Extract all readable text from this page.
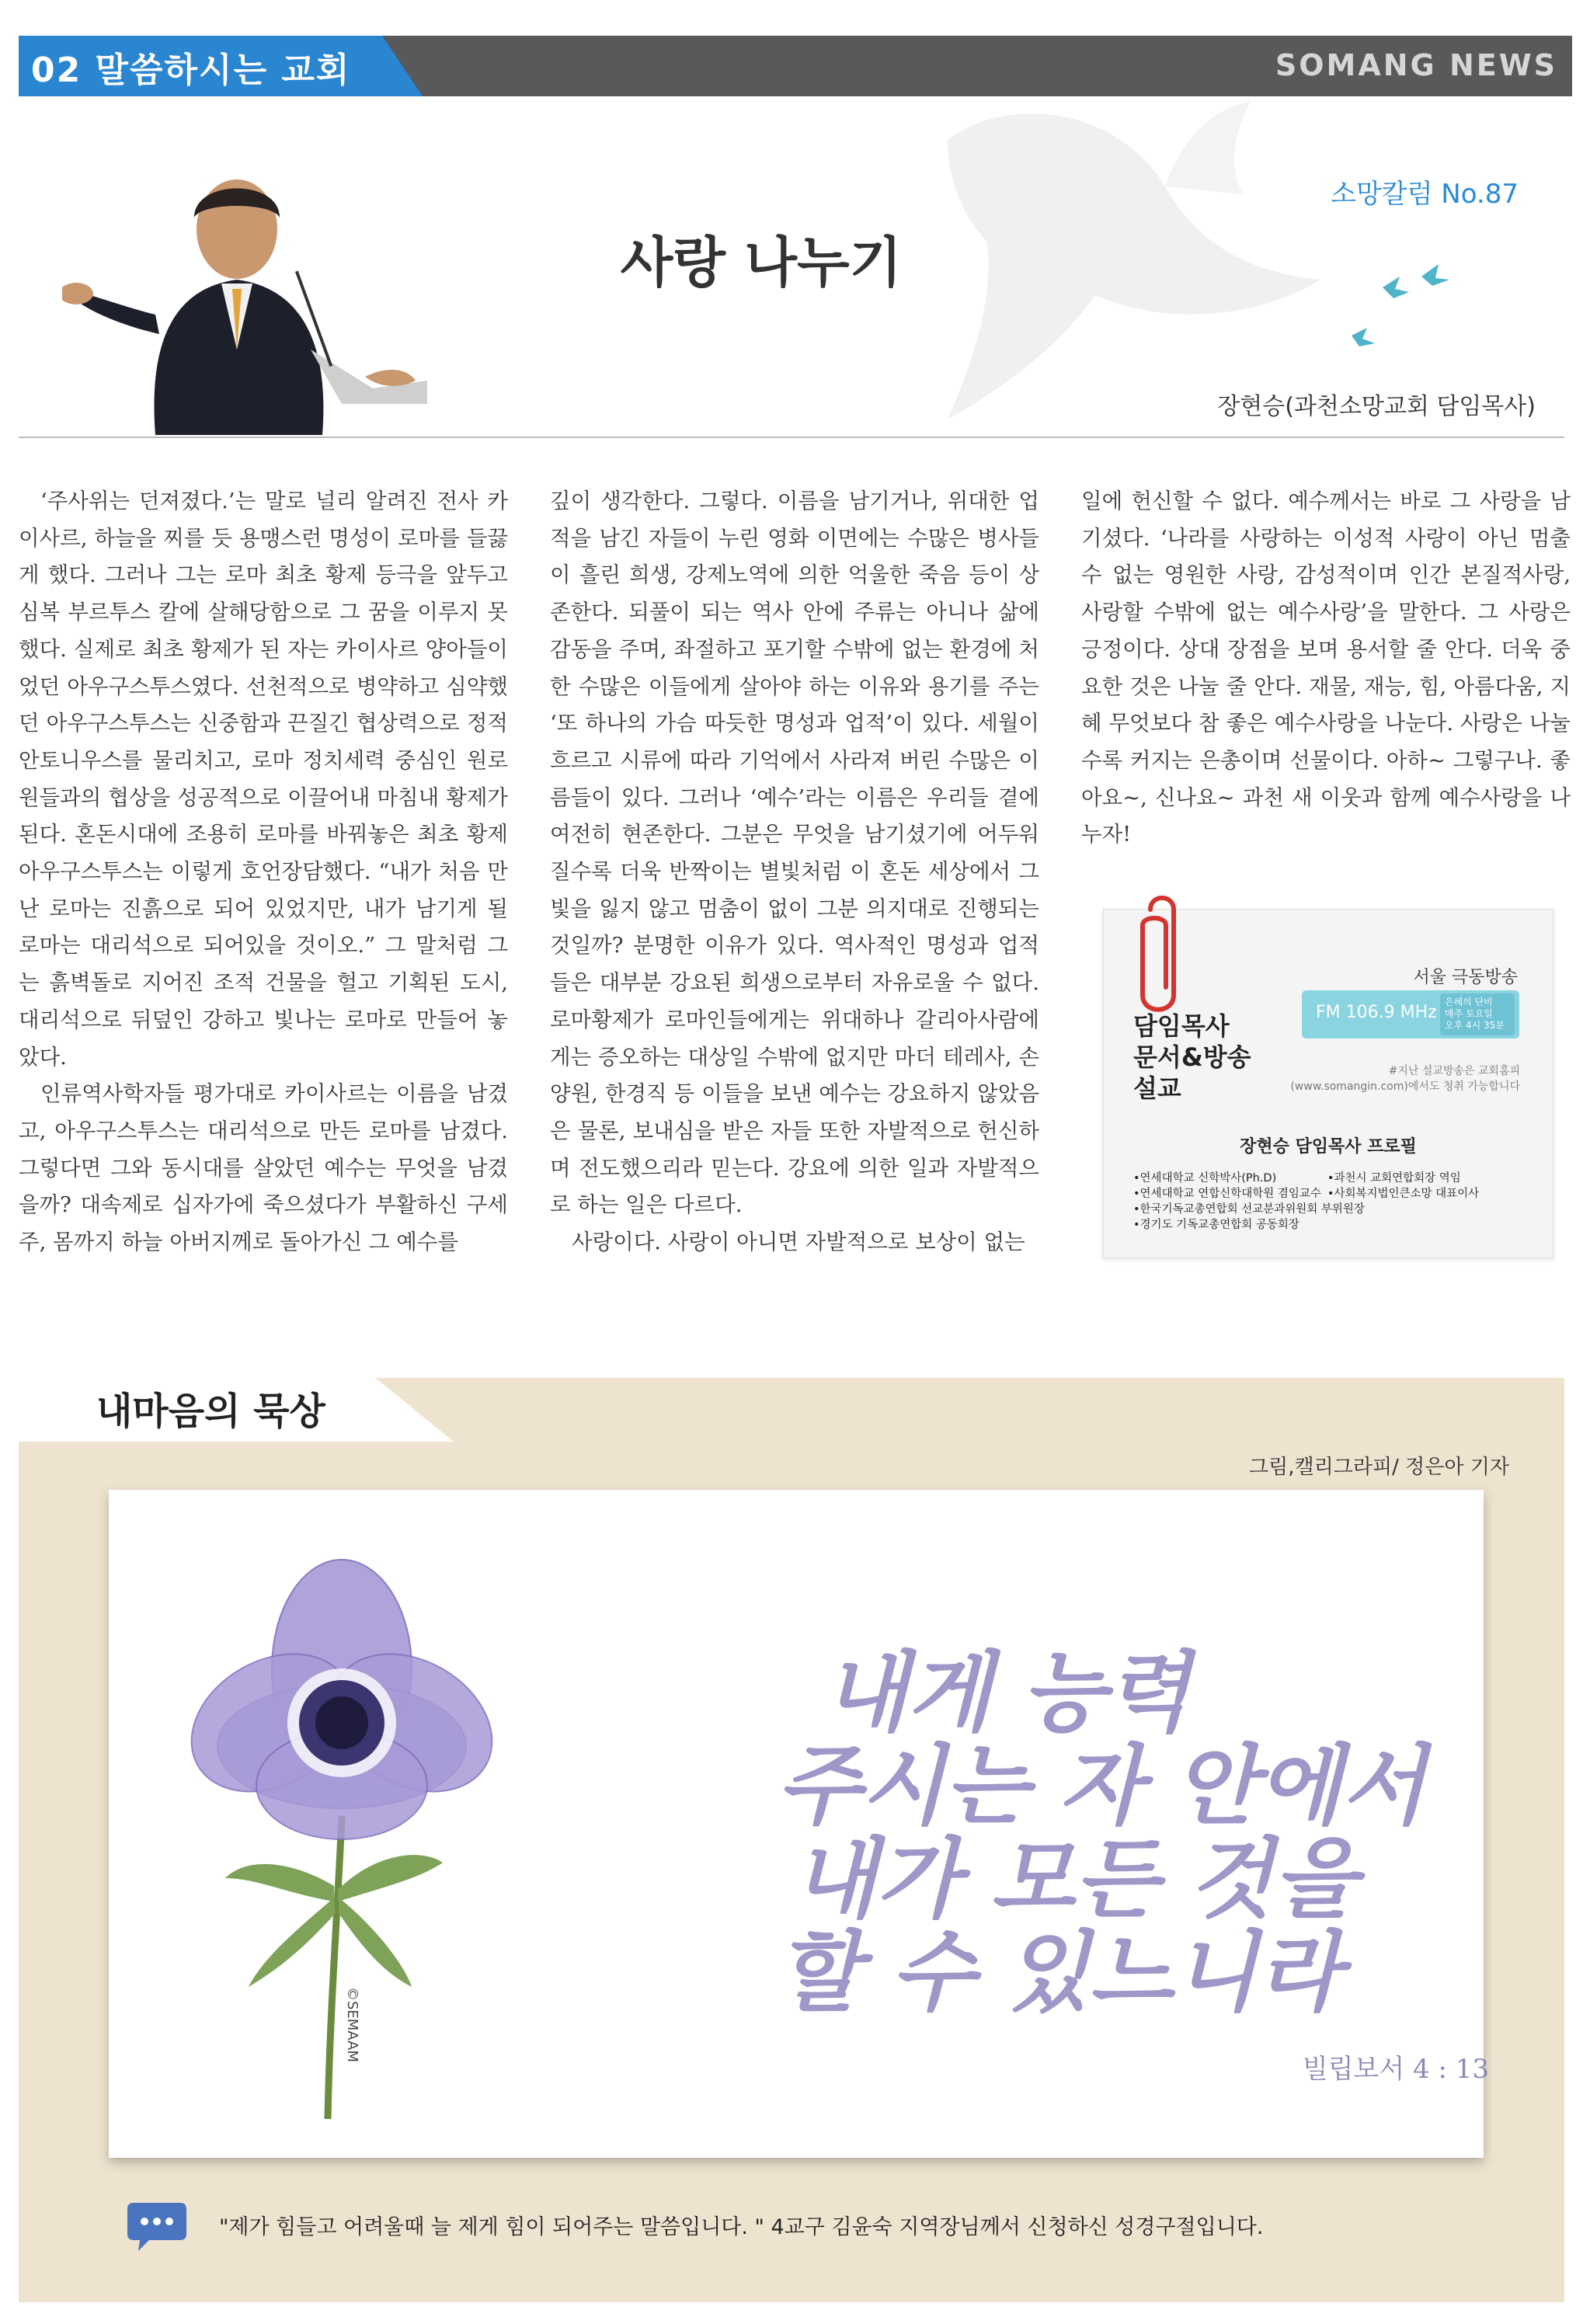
02 말씀하시는 교회	SOMANG NEWS
소망칼럼 No.87
사랑 나누기
장현승(과천소망교회 담임목사)

‘주사위는 던져졌다.’는 말로 널리 알려진 전사 카이사르, 하늘을 찌를 듯 용맹스런 명성이 로마를 들끓게 했다. 그러나 그는 로마 최초 황제 등극을 앞두고 심복 부르투스 칼에 살해당함으로 그 꿈을 이루지 못했다. 실제로 최초 황제가 된 자는 카이사르 양아들이었던 아우구스투스였다. 선천적으로 병약하고 심약했던 아우구스투스는 신중함과 끈질긴 협상력으로 정적 안토니우스를 물리치고, 로마 정치세력 중심인 원로원들과의 협상을 성공적으로 이끌어내 마침내 황제가 된다. 혼돈시대에 조용히 로마를 바꿔놓은 최초 황제 아우구스투스는 이렇게 호언장담했다. “내가 처음 만난 로마는 진흙으로 되어 있었지만, 내가 남기게 될 로마는 대리석으로 되어있을 것이오.” 그 말처럼 그는 흙벽돌로 지어진 조적 건물을 헐고 기획된 도시, 대리석으로 뒤덮인 강하고 빛나는 로마로 만들어 놓았다.

인류역사학자들 평가대로 카이사르는 이름을 남겼고, 아우구스투스는 대리석으로 만든 로마를 남겼다. 그렇다면 그와 동시대를 살았던 예수는 무엇을 남겼을까? 대속제로 십자가에 죽으셨다가 부활하신 구세주, 몸까지 하늘 아버지께로 돌아가신 그 예수를

깊이 생각한다. 그렇다. 이름을 남기거나, 위대한 업적을 남긴 자들이 누린 영화 이면에는 수많은 병사들이 흘린 희생, 강제노역에 의한 억울한 죽음 등이 상존한다. 되풀이 되는 역사 안에 주류는 아니나 삶에 감동을 주며, 좌절하고 포기할 수밖에 없는 환경에 처한 수많은 이들에게 살아야 하는 이유와 용기를 주는 ‘또 하나의 가슴 따듯한 명성과 업적’이 있다. 세월이 흐르고 시류에 따라 기억에서 사라져 버린 수많은 이름들이 있다. 그러나 ‘예수’라는 이름은 우리들 곁에 여전히 현존한다. 그분은 무엇을 남기셨기에 어두워질수록 더욱 반짝이는 별빛처럼 이 혼돈 세상에서 그 빛을 잃지 않고 멈춤이 없이 그분 의지대로 진행되는 것일까? 분명한 이유가 있다. 역사적인 명성과 업적들은 대부분 강요된 희생으로부터 자유로울 수 없다. 로마황제가 로마인들에게는 위대하나 갈리아사람에게는 증오하는 대상일 수밖에 없지만 마더 테레사, 손양원, 한경직 등 이들을 보낸 예수는 강요하지 않았음은 물론, 보내심을 받은 자들 또한 자발적으로 헌신하며 전도했으리라 믿는다. 강요에 의한 일과 자발적으로 하는 일은 다르다.

사랑이다. 사랑이 아니면 자발적으로 보상이 없는

일에 헌신할 수 없다. 예수께서는 바로 그 사랑을 남기셨다. ‘나라를 사랑하는 이성적 사랑이 아닌 멈출 수 없는 영원한 사랑, 감성적이며 인간 본질적사랑, 사랑할 수밖에 없는 예수사랑’을 말한다. 그 사랑은 긍정이다. 상대 장점을 보며 용서할 줄 안다. 더욱 중요한 것은 나눌 줄 안다. 재물, 재능, 힘, 아름다움, 지혜 무엇보다 참 좋은 예수사랑을 나눈다. 사랑은 나눌수록 커지는 은총이며 선물이다. 아하~ 그렇구나. 좋아요~, 신나요~ 과천 새 이웃과 함께 예수사랑을 나누자!

서울 극동방송
FM 106.9 MHz
은혜의 단비
매주 토요일
오후 4시 35분
담임목사
문서&방송
설교
#지난 설교방송은 교회홈피
(www.somangin.com)에서도 청취 가능합니다
장현승 담임목사 프로필
•연세대학교 신학박사(Ph.D)	•과천시 교회연합회장 역임 •연세대학교 연합신학대학원 겸임교수 •사회복지법인큰소망 대표이사 •한국기독교총연합회 선교분과위원회 부위원장 •경기도 기독교총연합회 공동회장
내마음의 묵상
그림,캘리그라피/ 정은아 기자
내게 능력
주시는 자 안에서
내가 모든 것을
할 수 있느니라
©SEMAAM
빌립보서 4 : 13
"제가 힘들고 어려울때 늘 제게 힘이 되어주는 말씀입니다. " 4교구 김윤숙 지역장님께서 신청하신 성경구절입니다.
